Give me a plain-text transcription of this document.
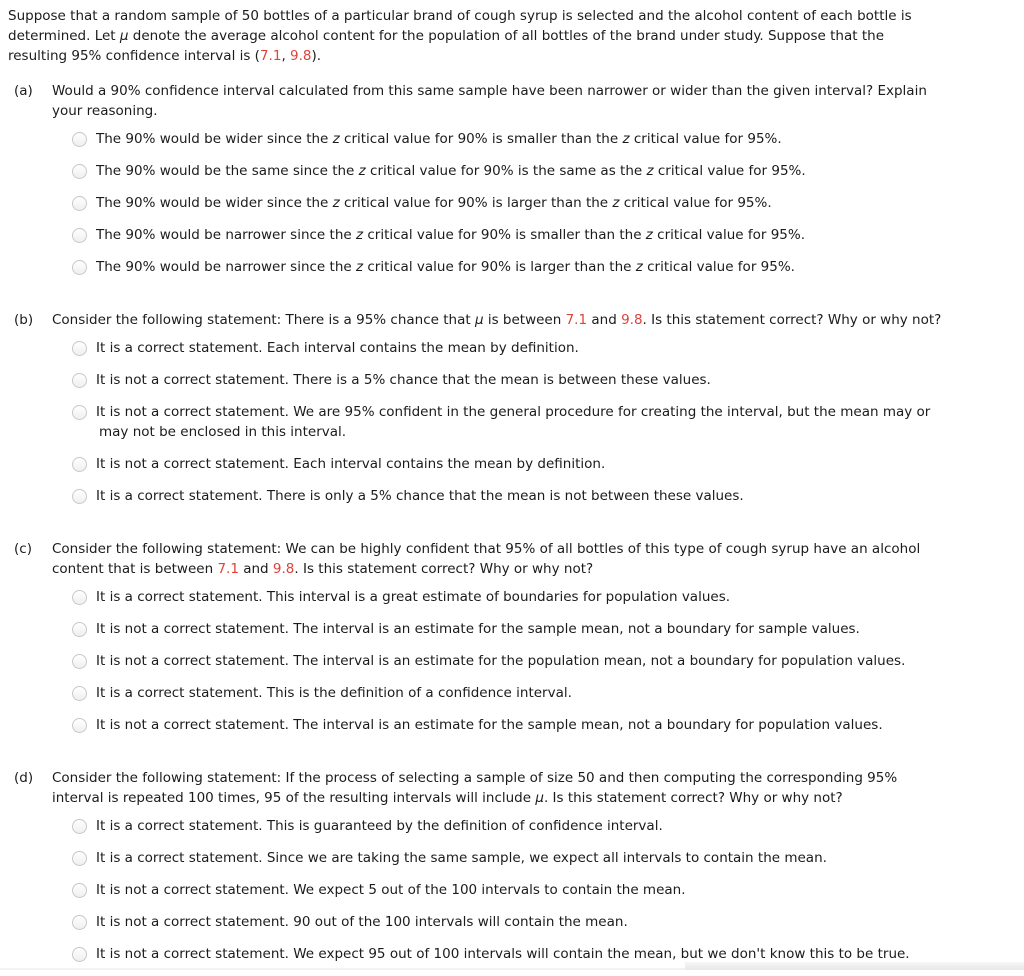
Suppose that a random sample of 50 bottles of a particular brand of cough syrup is selected and the alcohol content of each bottle is
determined. Let μ denote the average alcohol content for the population of all bottles of the brand under study. Suppose that the
resulting 95% confidence interval is (7.1, 9.8).
(a)	Would a 90% confidence interval calculated from this same sample have been narrower or wider than the given interval? Explain
your reasoning.
The 90% would be wider since the z critical value for 90% is smaller than the z critical value for 95%.
The 90% would be the same since the z critical value for 90% is the same as the z critical value for 95%.
The 90% would be wider since the z critical value for 90% is larger than the z critical value for 95%.
The 90% would be narrower since the z critical value for 90% is smaller than the z critical value for 95%.
The 90% would be narrower since the z critical value for 90% is larger than the z critical value for 95%.
(b)	Consider the following statement: There is a 95% chance that μ is between 7.1 and 9.8. Is this statement correct? Why or why not?
It is a correct statement. Each interval contains the mean by definition.
It is not a correct statement. There is a 5% chance that the mean is between these values.
It is not a correct statement. We are 95% confident in the general procedure for creating the interval, but the mean may or
may not be enclosed in this interval.
It is not a correct statement. Each interval contains the mean by definition.
It is a correct statement. There is only a 5% chance that the mean is not between these values.
(c)	Consider the following statement: We can be highly confident that 95% of all bottles of this type of cough syrup have an alcohol
content that is between 7.1 and 9.8. Is this statement correct? Why or why not?
It is a correct statement. This interval is a great estimate of boundaries for population values.
It is not a correct statement. The interval is an estimate for the sample mean, not a boundary for sample values.
It is not a correct statement. The interval is an estimate for the population mean, not a boundary for population values.
It is a correct statement. This is the definition of a confidence interval.
It is not a correct statement. The interval is an estimate for the sample mean, not a boundary for population values.
(d)	Consider the following statement: If the process of selecting a sample of size 50 and then computing the corresponding 95%
interval is repeated 100 times, 95 of the resulting intervals will include μ. Is this statement correct? Why or why not?
It is a correct statement. This is guaranteed by the definition of confidence interval.
It is a correct statement. Since we are taking the same sample, we expect all intervals to contain the mean.
It is not a correct statement. We expect 5 out of the 100 intervals to contain the mean.
It is not a correct statement. 90 out of the 100 intervals will contain the mean.
It is not a correct statement. We expect 95 out of 100 intervals will contain the mean, but we don't know this to be true.
